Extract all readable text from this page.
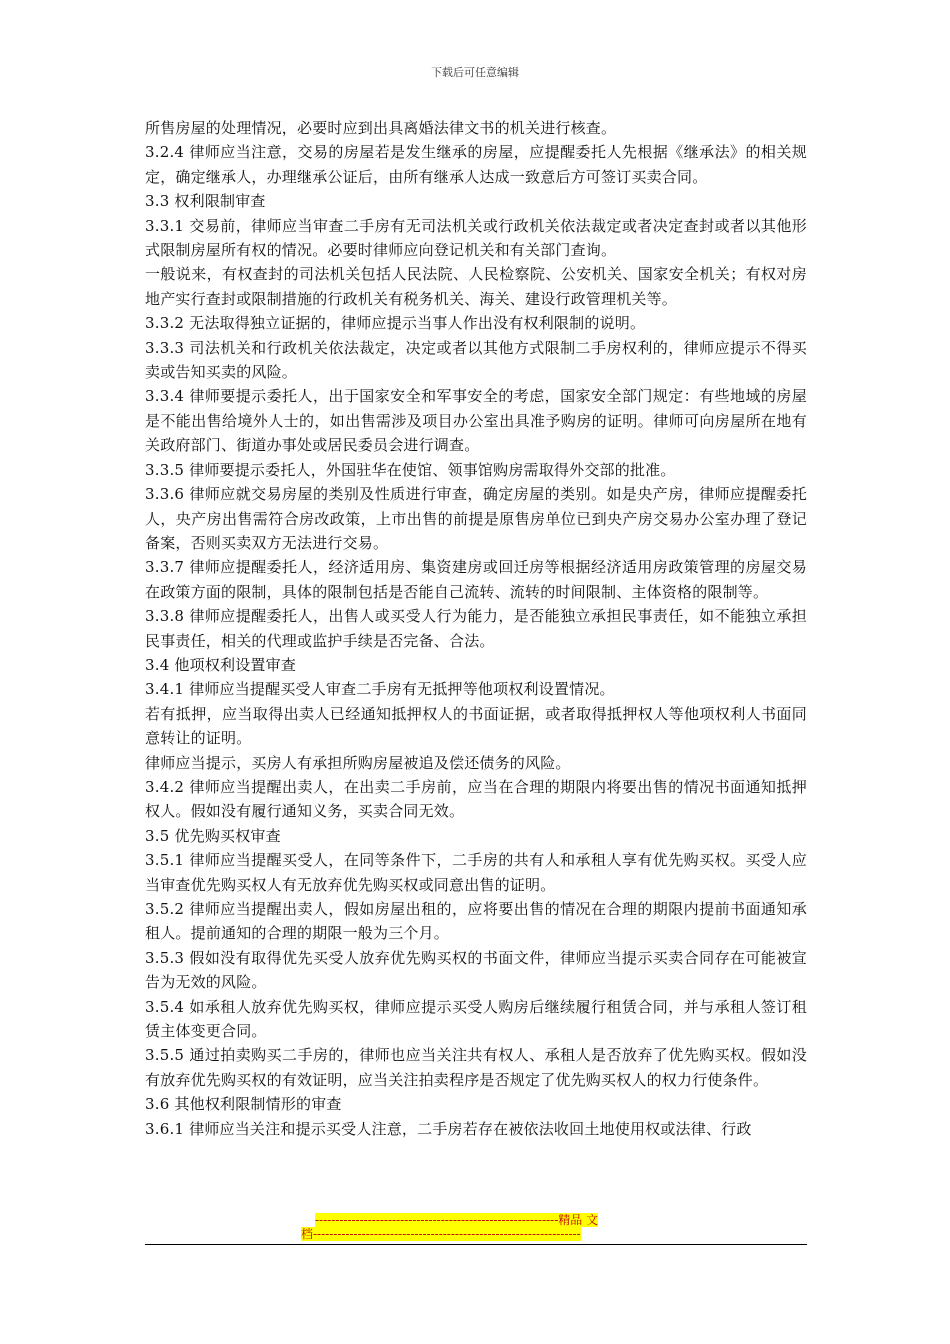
下载后可任意编辑

所售房屋的处理情况，必要时应到出具离婚法律文书的机关进行核查。

3.2.4 律师应当注意，交易的房屋若是发生继承的房屋，应提醒委托人先根据《继承法》的相关规定，确定继承人，办理继承公证后，由所有继承人达成一致意后方可签订买卖合同。

3.3 权利限制审查

3.3.1 交易前，律师应当审查二手房有无司法机关或行政机关依法裁定或者决定查封或者以其他形式限制房屋所有权的情况。必要时律师应向登记机关和有关部门查询。

一般说来，有权查封的司法机关包括人民法院、人民检察院、公安机关、国家安全机关；有权对房地产实行查封或限制措施的行政机关有税务机关、海关、建设行政管理机关等。

3.3.2 无法取得独立证据的，律师应提示当事人作出没有权利限制的说明。

3.3.3 司法机关和行政机关依法裁定，决定或者以其他方式限制二手房权利的，律师应提示不得买卖或告知买卖的风险。

3.3.4 律师要提示委托人，出于国家安全和军事安全的考虑，国家安全部门规定：有些地域的房屋是不能出售给境外人士的，如出售需涉及项目办公室出具准予购房的证明。律师可向房屋所在地有关政府部门、街道办事处或居民委员会进行调查。

3.3.5 律师要提示委托人，外国驻华在使馆、领事馆购房需取得外交部的批准。

3.3.6 律师应就交易房屋的类别及性质进行审查，确定房屋的类别。如是央产房，律师应提醒委托人，央产房出售需符合房改政策，上市出售的前提是原售房单位已到央产房交易办公室办理了登记备案，否则买卖双方无法进行交易。

3.3.7 律师应提醒委托人，经济适用房、集资建房或回迁房等根据经济适用房政策管理的房屋交易在政策方面的限制，具体的限制包括是否能自己流转、流转的时间限制、主体资格的限制等。

3.3.8 律师应提醒委托人，出售人或买受人行为能力，是否能独立承担民事责任，如不能独立承担民事责任，相关的代理或监护手续是否完备、合法。

3.4 他项权利设置审查

3.4.1 律师应当提醒买受人审查二手房有无抵押等他项权利设置情况。

若有抵押，应当取得出卖人已经通知抵押权人的书面证据，或者取得抵押权人等他项权利人书面同意转让的证明。

律师应当提示，买房人有承担所购房屋被追及偿还债务的风险。

3.4.2 律师应当提醒出卖人，在出卖二手房前，应当在合理的期限内将要出售的情况书面通知抵押权人。假如没有履行通知义务，买卖合同无效。

3.5 优先购买权审查

3.5.1 律师应当提醒买受人，在同等条件下，二手房的共有人和承租人享有优先购买权。买受人应当审查优先购买权人有无放弃优先购买权或同意出售的证明。

3.5.2 律师应当提醒出卖人，假如房屋出租的，应将要出售的情况在合理的期限内提前书面通知承租人。提前通知的合理的期限一般为三个月。

3.5.3 假如没有取得优先买受人放弃优先购买权的书面文件，律师应当提示买卖合同存在可能被宣告为无效的风险。

3.5.4 如承租人放弃优先购买权，律师应提示买受人购房后继续履行租赁合同，并与承租人签订租赁主体变更合同。

3.5.5 通过拍卖购买二手房的，律师也应当关注共有权人、承租人是否放弃了优先购买权。假如没有放弃优先购买权的有效证明，应当关注拍卖程序是否规定了优先购买权人的权力行使条件。

3.6 其他权利限制情形的审查

3.6.1 律师应当关注和提示买受人注意，二手房若存在被依法收回土地使用权或法律、行政

------------------------------------------------------------精品 文
档------------------------------------------------------------------
